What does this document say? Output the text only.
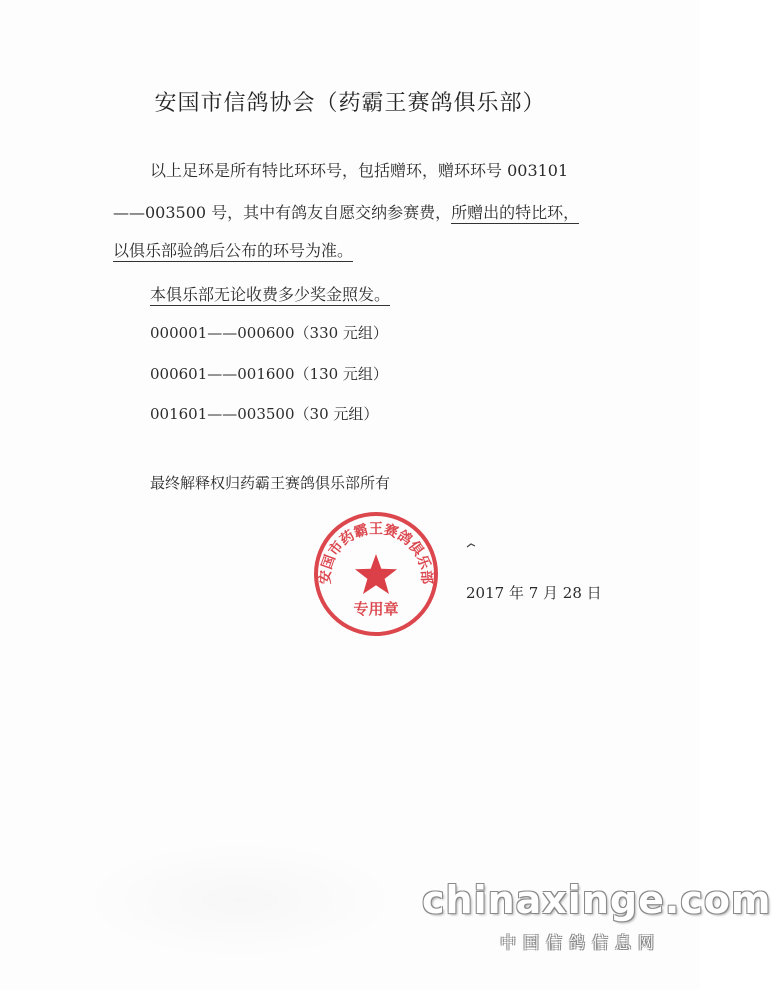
安国市信鸽协会（药霸王赛鸽俱乐部）
以上足环是所有特比环环号，包括赠环，赠环环号 003101
——003500 号，其中有鸽友自愿交纳参赛费，所赠出的特比环，
以俱乐部验鸽后公布的环号为准。
本俱乐部无论收费多少奖金照发。
000001——000600（330 元组）
000601——001600（130 元组）
001601——003500（30 元组）
最终解释权归药霸王赛鸽俱乐部所有
安国市药霸王赛鸽俱乐部
专用章
2017 年 7 月 28 日
chinaxinge.com
中国信鸽信息网
